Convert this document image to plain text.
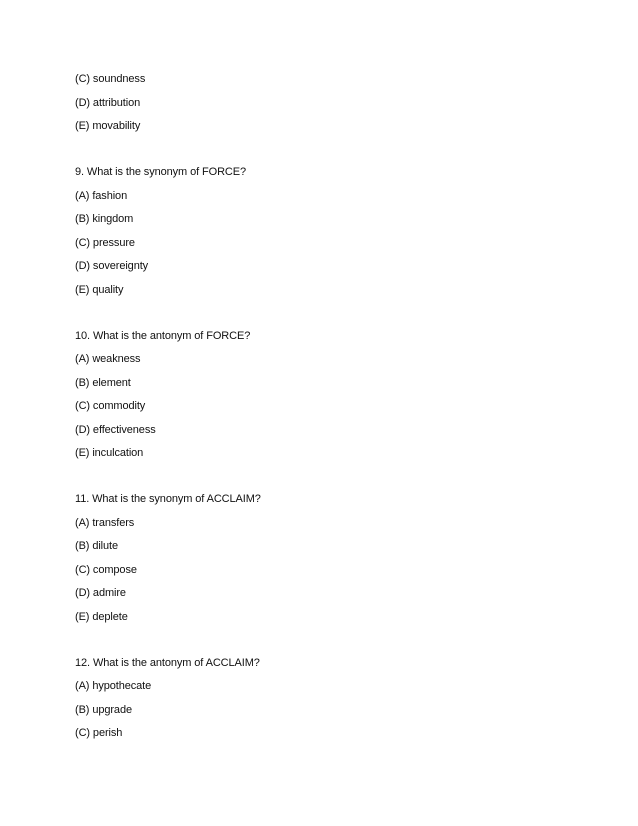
(C) soundness
(D) attribution
(E) movability
9. What is the synonym of FORCE?
(A) fashion
(B) kingdom
(C) pressure
(D) sovereignty
(E) quality
10. What is the antonym of FORCE?
(A) weakness
(B) element
(C) commodity
(D) effectiveness
(E) inculcation
11. What is the synonym of ACCLAIM?
(A) transfers
(B) dilute
(C) compose
(D) admire
(E) deplete
12. What is the antonym of ACCLAIM?
(A) hypothecate
(B) upgrade
(C) perish
